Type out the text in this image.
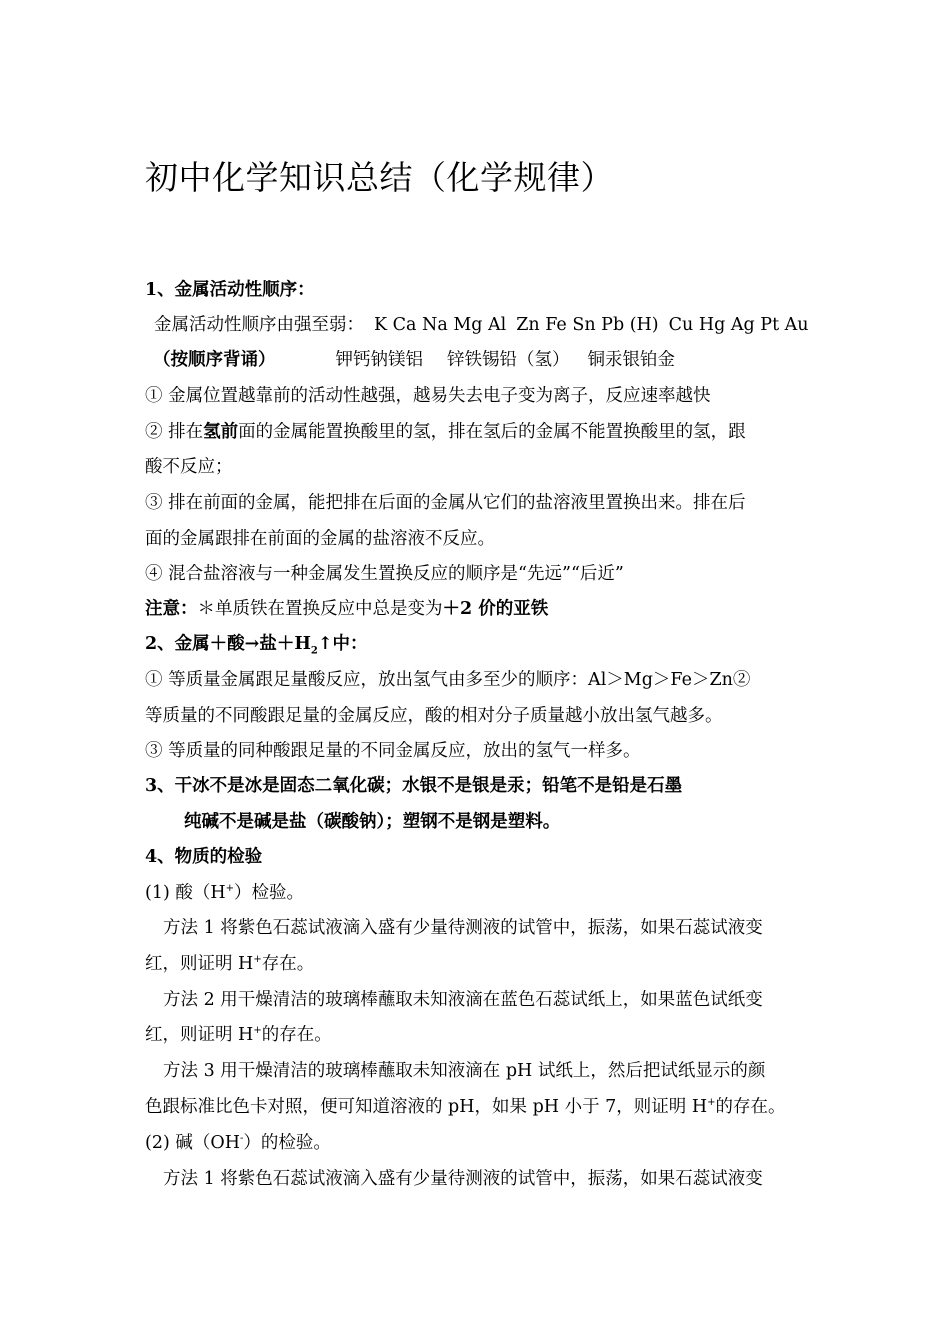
初中化学知识总结（化学规律）
1、金属活动性顺序：
金属活动性顺序由强至弱： K Ca Na Mg Al Zn Fe Sn Pb (H) Cu Hg Ag Pt Au
（按顺序背诵）	钾钙钠镁铝 锌铁锡铅（氢） 铜汞银铂金
① 金属位置越靠前的活动性越强，越易失去电子变为离子，反应速率越快
② 排在氢前面的金属能置换酸里的氢，排在氢后的金属不能置换酸里的氢，跟
酸不反应；
③ 排在前面的金属，能把排在后面的金属从它们的盐溶液里置换出来。排在后
面的金属跟排在前面的金属的盐溶液不反应。
④ 混合盐溶液与一种金属发生置换反应的顺序是“先远”“后近”
注意：＊单质铁在置换反应中总是变为＋2 价的亚铁
2、金属＋酸→盐$+H_2↑$中：
① 等质量金属跟足量酸反应，放出氢气由多至少的顺序：Al＞Mg＞Fe＞Zn②
等质量的不同酸跟足量的金属反应，酸的相对分子质量越小放出氢气越多。
③ 等质量的同种酸跟足量的不同金属反应，放出的氢气一样多。
3、干冰不是冰是固态二氧化碳；水银不是银是汞；铅笔不是铅是石墨
纯碱不是碱是盐（碳酸钠）；塑钢不是钢是塑料。
4、物质的检验
(1) 酸（H+）检验。
方法 1 将紫色石蕊试液滴入盛有少量待测液的试管中，振荡，如果石蕊试液变
红，则证明 H+存在。
方法 2 用干燥清洁的玻璃棒蘸取未知液滴在蓝色石蕊试纸上，如果蓝色试纸变
红，则证明 H+的存在。
方法 3 用干燥清洁的玻璃棒蘸取未知液滴在 pH 试纸上，然后把试纸显示的颜
色跟标准比色卡对照，便可知道溶液的 pH，如果 pH 小于 7，则证明 H+的存在。
(2) 碱（OH-）的检验。
方法 1 将紫色石蕊试液滴入盛有少量待测液的试管中，振荡，如果石蕊试液变
